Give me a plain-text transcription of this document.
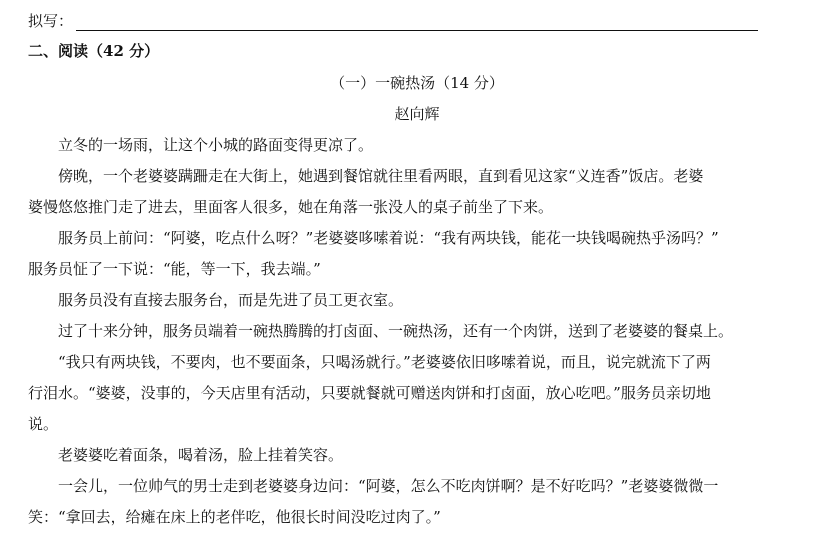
拟写：
二、阅读（42 分）
（一）一碗热汤（14 分）
赵向辉
立冬的一场雨，让这个小城的路面变得更凉了。
傍晚，一个老婆婆蹒跚走在大街上，她遇到餐馆就往里看两眼，直到看见这家“义连香”饭店。老婆
婆慢悠悠推门走了进去，里面客人很多，她在角落一张没人的桌子前坐了下来。
服务员上前问：“阿婆，吃点什么呀？”老婆婆哆嗦着说：“我有两块钱，能花一块钱喝碗热乎汤吗？”
服务员怔了一下说：“能，等一下，我去端。”
服务员没有直接去服务台，而是先进了员工更衣室。
过了十来分钟，服务员端着一碗热腾腾的打卤面、一碗热汤，还有一个肉饼，送到了老婆婆的餐桌上。
“我只有两块钱，不要肉，也不要面条，只喝汤就行。”老婆婆依旧哆嗦着说，而且，说完就流下了两
行泪水。“婆婆，没事的，今天店里有活动，只要就餐就可赠送肉饼和打卤面，放心吃吧。”服务员亲切地
说。
老婆婆吃着面条，喝着汤，脸上挂着笑容。
一会儿，一位帅气的男士走到老婆婆身边问：“阿婆，怎么不吃肉饼啊？是不好吃吗？”老婆婆微微一
笑：“拿回去，给瘫在床上的老伴吃，他很长时间没吃过肉了。”
